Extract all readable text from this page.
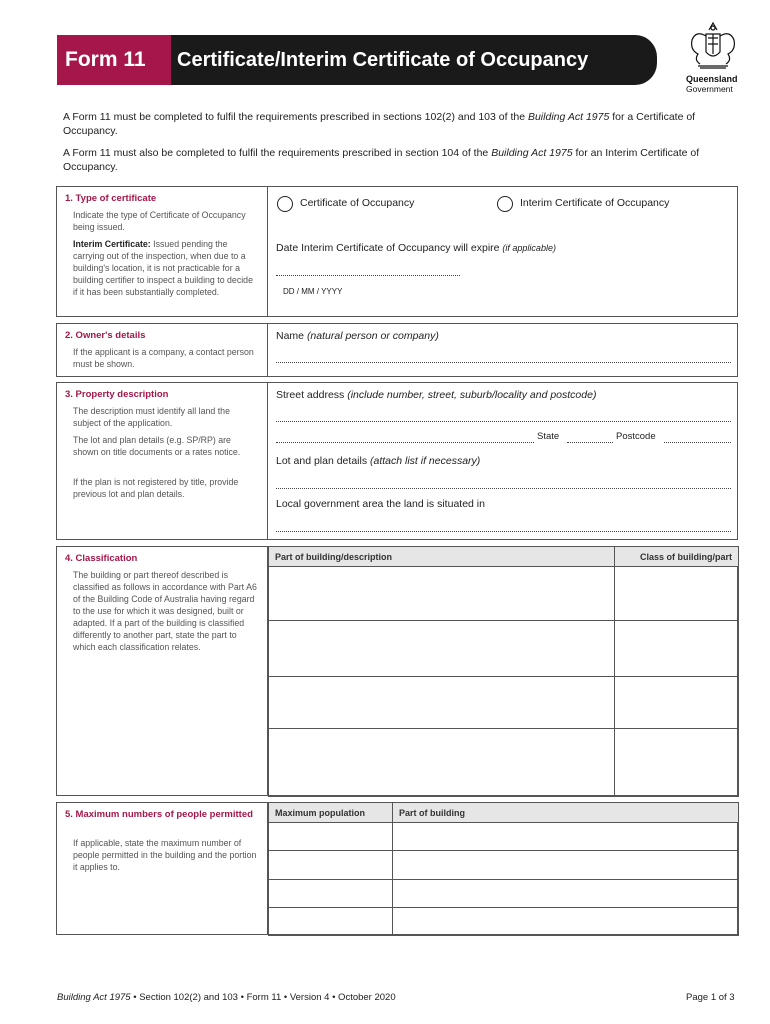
Form 11	Certificate/Interim Certificate of Occupancy
Queensland
Government
A Form 11 must be completed to fulfil the requirements prescribed in sections 102(2) and 103 of the Building Act 1975 for a Certificate of Occupancy.
A Form 11 must also be completed to fulfil the requirements prescribed in section 104 of the Building Act 1975 for an Interim Certificate of Occupancy.
1. Type of certificate
Indicate the type of Certificate of Occupancy being issued.
Interim Certificate: Issued pending the carrying out of the inspection, when due to a building's location, it is not practicable for a building certifier to inspect a building to decide if it has been substantially completed.
Certificate of Occupancy	Interim Certificate of Occupancy
Date Interim Certificate of Occupancy will expire (if applicable)
DD / MM / YYYY
2. Owner's details
If the applicant is a company, a contact person must be shown.
Name (natural person or company)
3. Property description
The description must identify all land the subject of the application.
The lot and plan details (e.g. SP/RP) are shown on title documents or a rates notice.
If the plan is not registered by title, provide previous lot and plan details.
Street address (include number, street, suburb/locality and postcode)
State	Postcode
Lot and plan details (attach list if necessary)
Local government area the land is situated in
4. Classification
The building or part thereof described is classified as follows in accordance with Part A6 of the Building Code of Australia having regard to the use for which it was designed, built or adapted. If a part of the building is classified differently to another part, state the part to which each classification relates.
Part of building/description	Class of building/part

5. Maximum numbers of people permitted
If applicable, state the maximum number of people permitted in the building and the portion it applies to.
Maximum population	Part of building

Building Act 1975 • Section 102(2) and 103 • Form 11 • Version 4 • October 2020	Page 1 of 3
